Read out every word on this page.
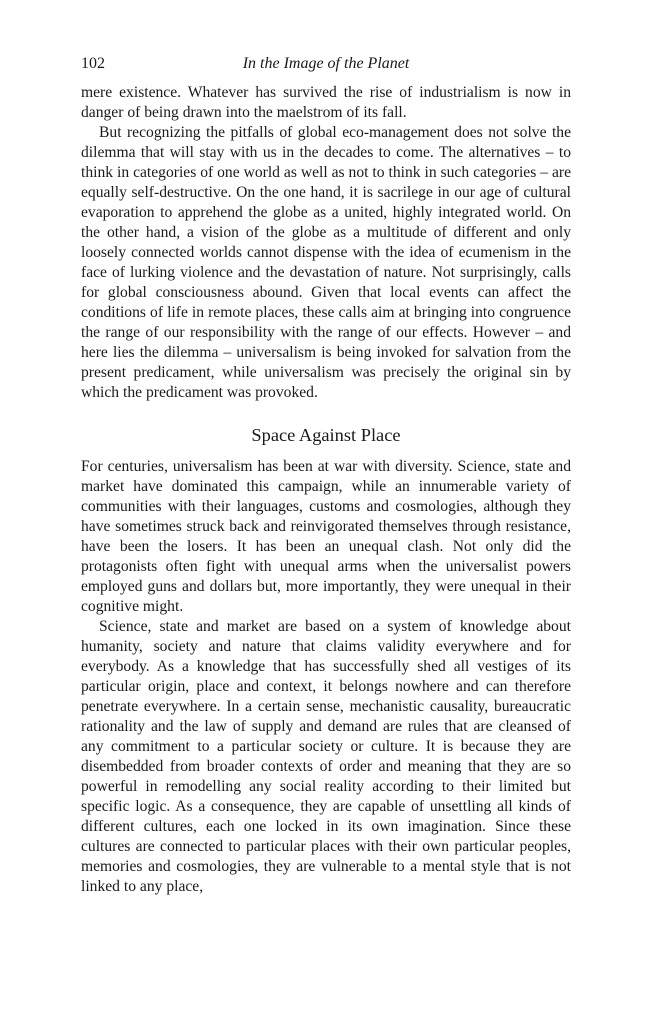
102	In the Image of the Planet

mere existence. Whatever has survived the rise of industrialism is now in danger of being drawn into the maelstrom of its fall.

But recognizing the pitfalls of global eco-management does not solve the dilemma that will stay with us in the decades to come. The alternatives – to think in categories of one world as well as not to think in such categories – are equally self-destructive. On the one hand, it is sacrilege in our age of cultural evaporation to apprehend the globe as a united, highly integrated world. On the other hand, a vision of the globe as a multitude of different and only loosely connected worlds cannot dispense with the idea of ecumenism in the face of lurking violence and the devastation of nature. Not surprisingly, calls for global consciousness abound. Given that local events can affect the conditions of life in remote places, these calls aim at bringing into congruence the range of our responsibility with the range of our effects. However – and here lies the dilemma – universalism is being invoked for salvation from the present predicament, while universalism was precisely the original sin by which the predicament was provoked.

Space Against Place

For centuries, universalism has been at war with diversity. Science, state and market have dominated this campaign, while an innumerable variety of communities with their languages, customs and cosmologies, although they have sometimes struck back and reinvigorated themselves through resistance, have been the losers. It has been an unequal clash. Not only did the protagonists often fight with unequal arms when the universalist powers employed guns and dollars but, more importantly, they were unequal in their cognitive might.

Science, state and market are based on a system of knowledge about humanity, society and nature that claims validity everywhere and for everybody. As a knowledge that has successfully shed all vestiges of its particular origin, place and context, it belongs nowhere and can therefore penetrate everywhere. In a certain sense, mechanistic causality, bureaucratic rationality and the law of supply and demand are rules that are cleansed of any commitment to a particular society or culture. It is because they are disembedded from broader contexts of order and meaning that they are so powerful in remodelling any social reality according to their limited but specific logic. As a consequence, they are capable of unsettling all kinds of different cultures, each one locked in its own imagination. Since these cultures are connected to particular places with their own particular peoples, memories and cosmologies, they are vulnerable to a mental style that is not linked to any place,
